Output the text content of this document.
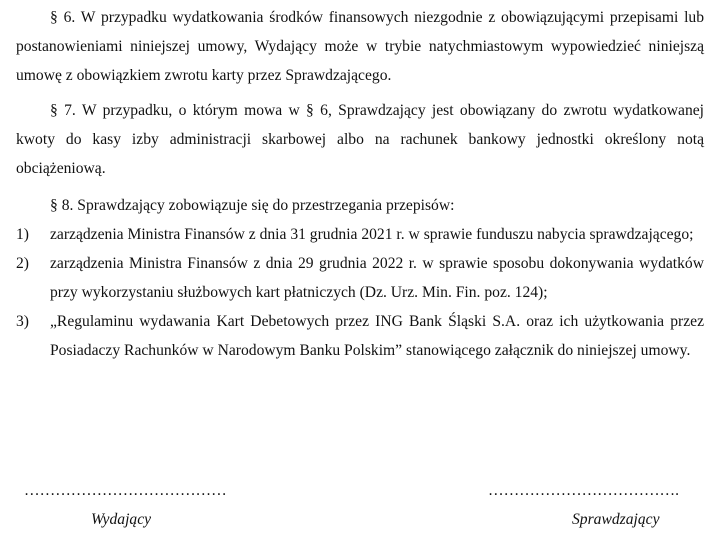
§ 6. W przypadku wydatkowania środków finansowych niezgodnie z obowiązującymi przepisami lub postanowieniami niniejszej umowy, Wydający może w trybie natychmiastowym wypowiedzieć niniejszą umowę z obowiązkiem zwrotu karty przez Sprawdzającego.

§ 7. W przypadku, o którym mowa w § 6, Sprawdzający jest obowiązany do zwrotu wydatkowanej kwoty do kasy izby administracji skarbowej albo na rachunek bankowy jednostki określony notą obciążeniową.

§ 8. Sprawdzający zobowiązuje się do przestrzegania przepisów:

1) zarządzenia Ministra Finansów z dnia 31 grudnia 2021 r. w sprawie funduszu nabycia sprawdzającego;
2) zarządzenia Ministra Finansów z dnia 29 grudnia 2022 r. w sprawie sposobu dokonywania wydatków przy wykorzystaniu służbowych kart płatniczych (Dz. Urz. Min. Fin. poz. 124);
3) „Regulaminu wydawania Kart Debetowych przez ING Bank Śląski S.A. oraz ich użytkowania przez Posiadaczy Rachunków w Narodowym Banku Polskim” stanowiącego załącznik do niniejszej umowy.
…………………………………	……………………………….
Wydający	Sprawdzający
